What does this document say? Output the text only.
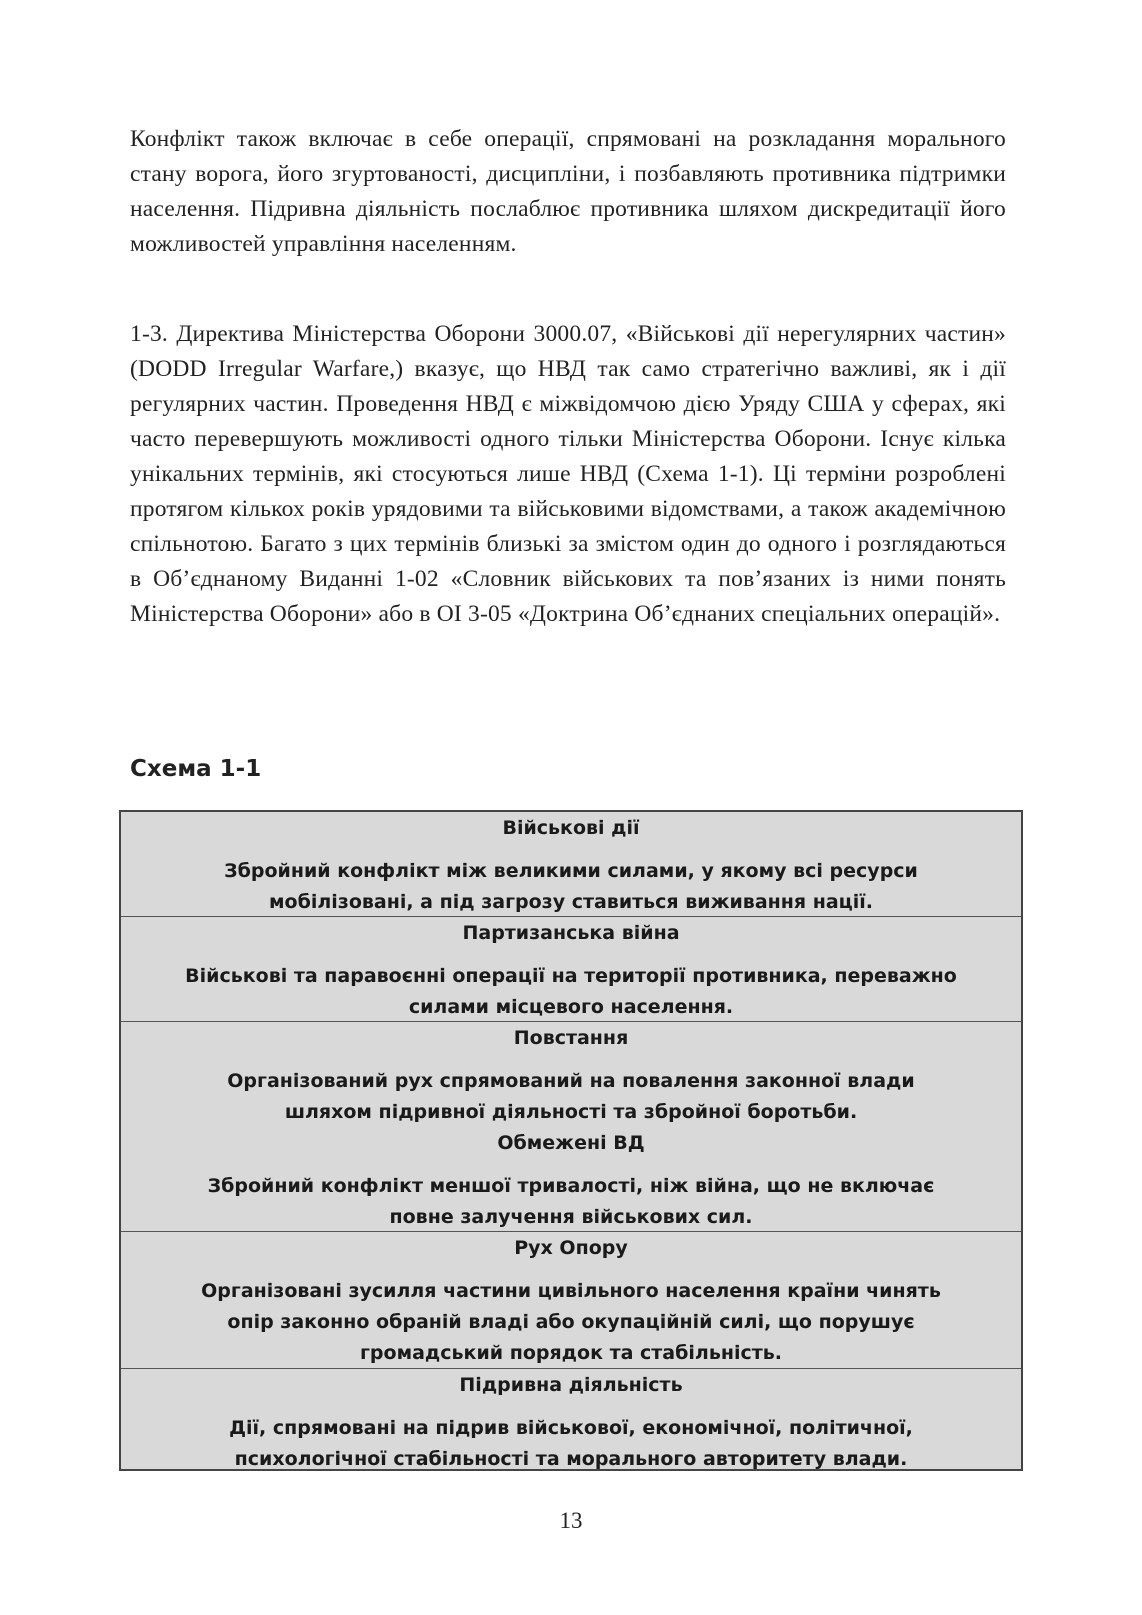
Конфлікт також включає в себе операції, спрямовані на розкладання морального стану ворога, його згуртованості, дисципліни, і позбавляють противника підтримки населення. Підривна діяльність послаблює противника шляхом дискредитації його можливостей управління населенням.

1-3. Директива Міністерства Оборони 3000.07, «Військові дії нерегулярних частин» (DODD Irregular Warfare,) вказує, що НВД так само стратегічно важливі, як і дії регулярних частин. Проведення НВД є міжвідомчою дією Уряду США у сферах, які часто перевершують можливості одного тільки Міністерства Оборони. Існує кілька унікальних термінів, які стосуються лише НВД (Схема 1-1). Ці терміни розроблені протягом кількох років урядовими та військовими відомствами, а також академічною спільнотою. Багато з цих термінів близькі за змістом один до одного і розглядаються в Об’єднаному Виданні 1-02 «Словник військових та пов’язаних із ними понять Міністерства Оборони» або в ОІ 3-05 «Доктрина Об’єднаних спеціальних операцій».

Схема 1-1
Військові дії
Збройний конфлікт між великими силами, у якому всі ресурси мобілізовані, а під загрозу ставиться виживання нації.
Партизанська війна
Військові та паравоєнні операції на території противника, переважно силами місцевого населення.
Повстання
Організований рух спрямований на повалення законної влади шляхом підривної діяльності та збройної боротьби.
Обмежені ВД
Збройний конфлікт меншої тривалості, ніж війна, що не включає повне залучення військових сил.
Рух Опору
Організовані зусилля частини цивільного населення країни чинять опір законно обраній владі або окупаційній силі, що порушує громадський порядок та стабільність.
Підривна діяльність
Дії, спрямовані на підрив військової, економічної, політичної, психологічної стабільності та морального авторитету влади.
13
